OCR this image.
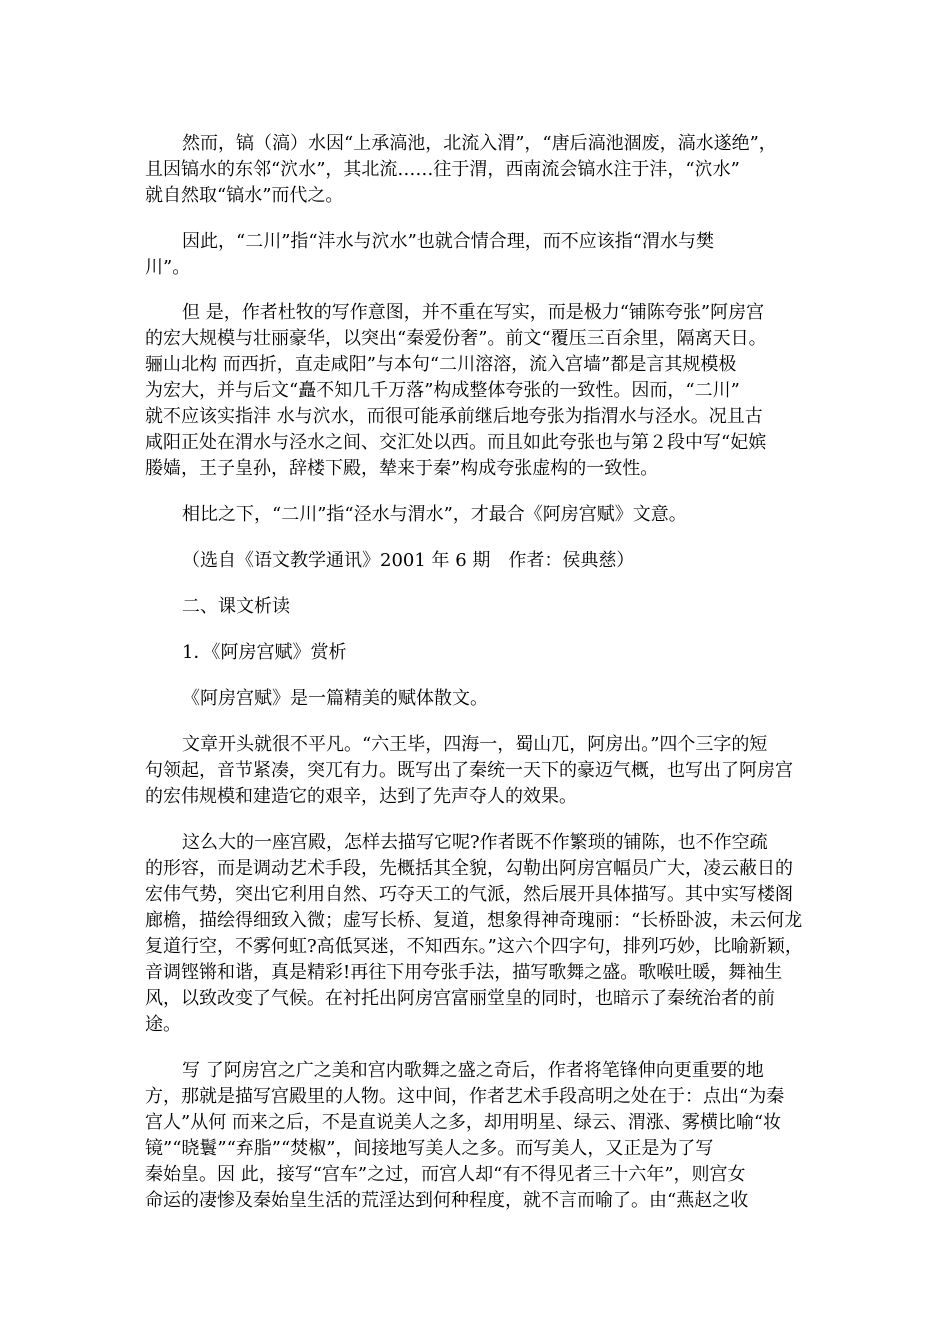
然而，镐（滈）水因“上承滈池，北流入渭”，“唐后滈池涸废，滈水遂绝”，
且因镐水的东邻“泬水”，其北流……往于渭，西南流会镐水注于沣，“泬水”
就自然取“镐水”而代之。
因此，“二川”指“沣水与泬水”也就合情合理，而不应该指“渭水与樊
川”。
但 是，作者杜牧的写作意图，并不重在写实，而是极力“铺陈夸张”阿房宫
的宏大规模与壮丽豪华，以突出“秦爱份奢”。前文“覆压三百余里，隔离天日。
骊山北构 而西折，直走咸阳”与本句“二川溶溶，流入宫墙”都是言其规模极
为宏大，并与后文“矗不知几千万落”构成整体夸张的一致性。因而，“二川”
就不应该实指沣 水与泬水，而很可能承前继后地夸张为指渭水与泾水。况且古
咸阳正处在渭水与泾水之间、交汇处以西。而且如此夸张也与第２段中写“妃嫔
媵嫱，王子皇孙，辞楼下殿，辇来于秦”构成夸张虚构的一致性。
相比之下，“二川”指“泾水与渭水”，才最合《阿房宫赋》文意。
（选自《语文教学通讯》2001 年 6 期　作者：侯典慈）
二、课文析读
1．《阿房宫赋》赏析
《阿房宫赋》是一篇精美的赋体散文。
文章开头就很不平凡。“六王毕，四海一，蜀山兀，阿房出。”四个三字的短
句领起，音节紧凑，突兀有力。既写出了秦统一天下的豪迈气概，也写出了阿房宫
的宏伟规模和建造它的艰辛，达到了先声夺人的效果。
这么大的一座宫殿，怎样去描写它呢?作者既不作繁琐的铺陈，也不作空疏
的形容，而是调动艺术手段，先概括其全貌，勾勒出阿房宫幅员广大，凌云蔽日的
宏伟气势，突出它利用自然、巧夺天工的气派，然后展开具体描写。其中实写楼阁
廊檐，描绘得细致入微；虚写长桥、复道，想象得神奇瑰丽：“长桥卧波，未云何龙
复道行空，不雾何虹?高低冥迷，不知西东。”这六个四字句，排列巧妙，比喻新颖，
音调铿锵和谐，真是精彩!再往下用夸张手法，描写歌舞之盛。歌喉吐暖，舞袖生
风，以致改变了气候。在衬托出阿房宫富丽堂皇的同时，也暗示了秦统治者的前
途。
写 了阿房宫之广之美和宫内歌舞之盛之奇后，作者将笔锋伸向更重要的地
方，那就是描写宫殿里的人物。这中间，作者艺术手段高明之处在于：点出“为秦
宫人”从何 而来之后，不是直说美人之多，却用明星、绿云、渭涨、雾横比喻“妆
镜”“晓鬟”“弃脂”“焚椒”，间接地写美人之多。而写美人，又正是为了写
秦始皇。因 此，接写“宫车”之过，而宫人却“有不得见者三十六年”，则宫女
命运的凄惨及秦始皇生活的荒淫达到何种程度，就不言而喻了。由“燕赵之收
